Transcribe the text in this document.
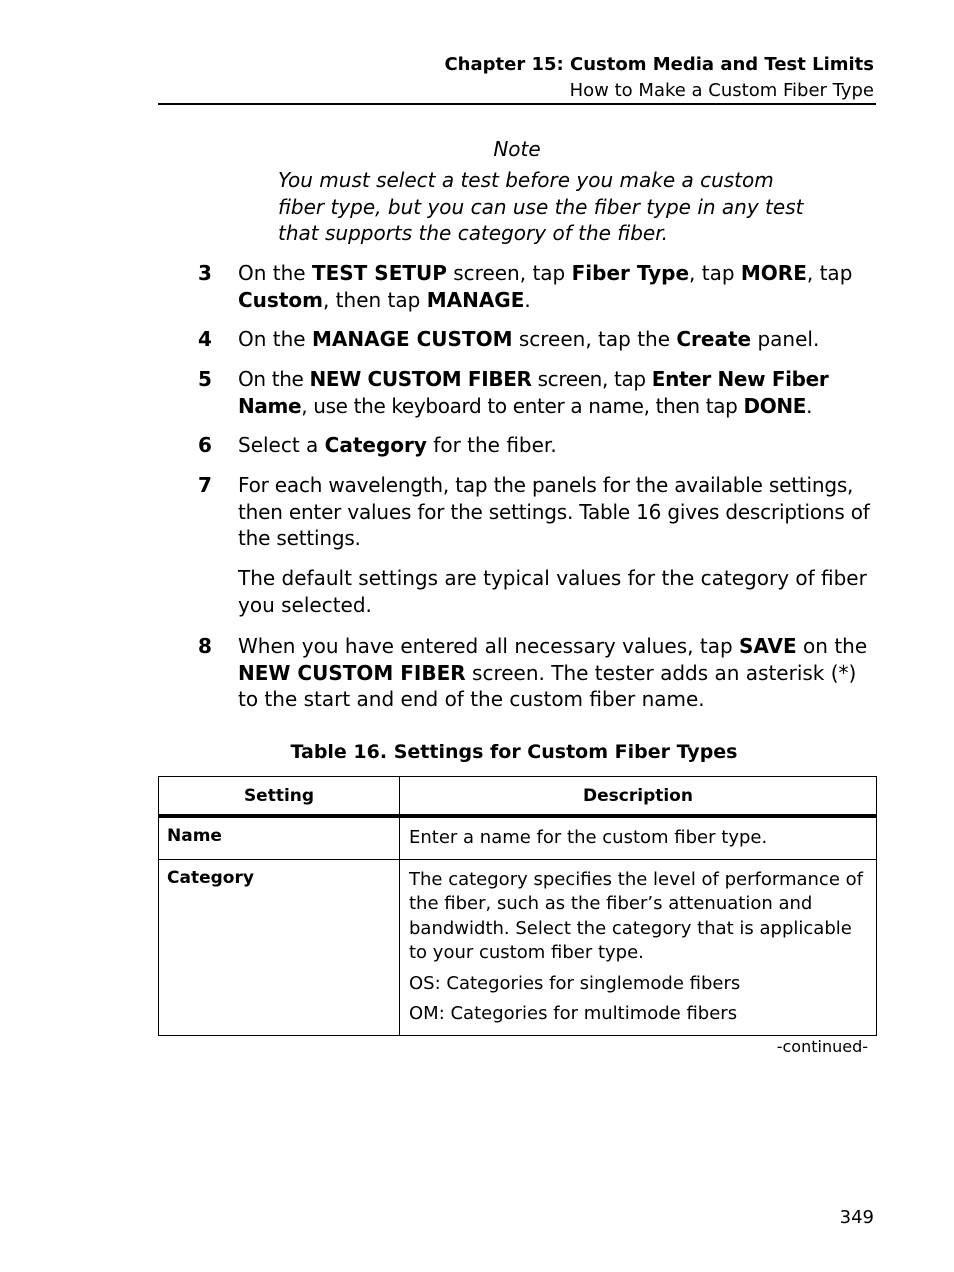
Chapter 15: Custom Media and Test Limits
How to Make a Custom Fiber Type
Note
You must select a test before you make a custom fiber type, but you can use the fiber type in any test that supports the category of the fiber.
3 On the TEST SETUP screen, tap Fiber Type, tap MORE, tap Custom, then tap MANAGE.
4 On the MANAGE CUSTOM screen, tap the Create panel.
5 On the NEW CUSTOM FIBER screen, tap Enter New Fiber Name, use the keyboard to enter a name, then tap DONE.
6 Select a Category for the fiber.
7 For each wavelength, tap the panels for the available settings, then enter values for the settings. Table 16 gives descriptions of the settings.
The default settings are typical values for the category of fiber you selected.
8 When you have entered all necessary values, tap SAVE on the NEW CUSTOM FIBER screen. The tester adds an asterisk (*) to the start and end of the custom fiber name.
Table 16. Settings for Custom Fiber Types
Setting	Description
Name	Enter a name for the custom fiber type.

Category	The category specifies the level of performance of the fiber, such as the fiber’s attenuation and bandwidth. Select the category that is applicable to your custom fiber type.

OS: Categories for singlemode fibers

OM: Categories for multimode fibers

-continued-
349
